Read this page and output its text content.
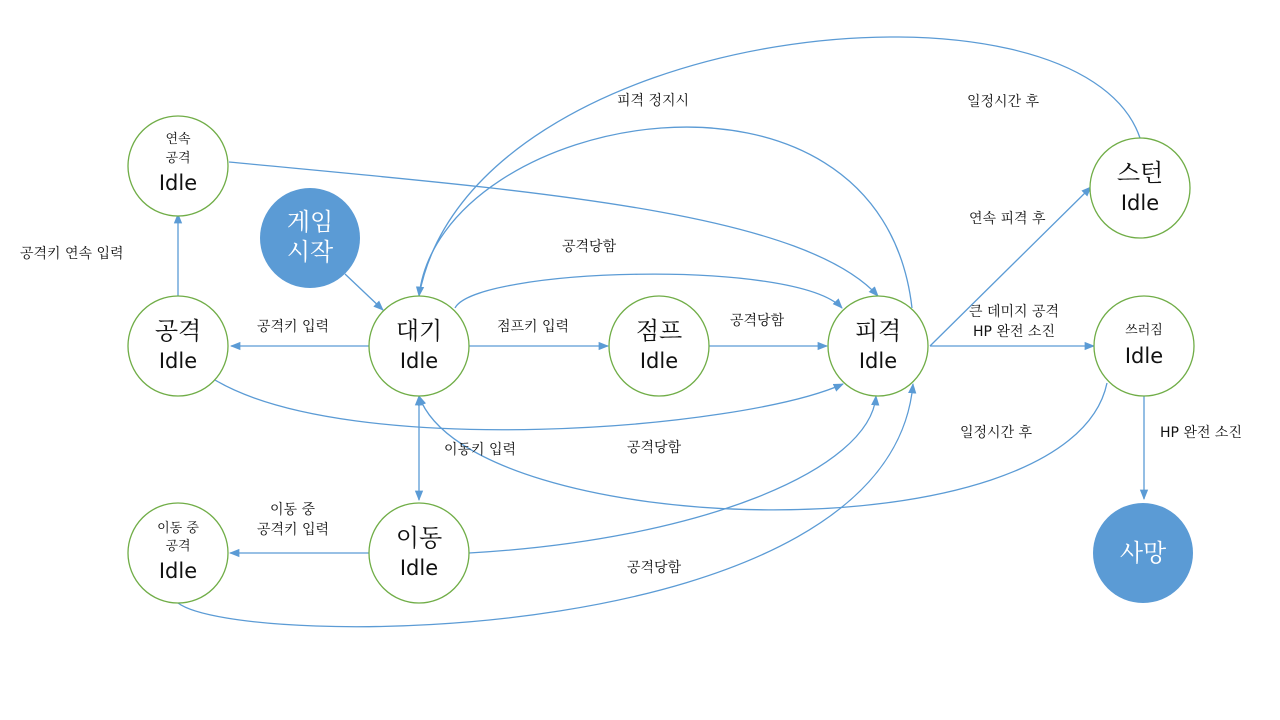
공격키 입력	점프키 입력
이동키 입력
공격키 연속 입력
이동 중
공격키 입력
공격당함
공격당함
공격당함
공격당함
피격 정지시	일정시간 후
일정시간 후
연속 피격 후
큰 데미지 공격
HP 완전 소진
HP 완전 소진
대기
Idle
공격
Idle
연속
공격
Idle
점프
Idle
피격
Idle
이동
Idle
이동 중
공격
Idle
스턴
Idle
쓰러짐
Idle
게임
시작
사망
